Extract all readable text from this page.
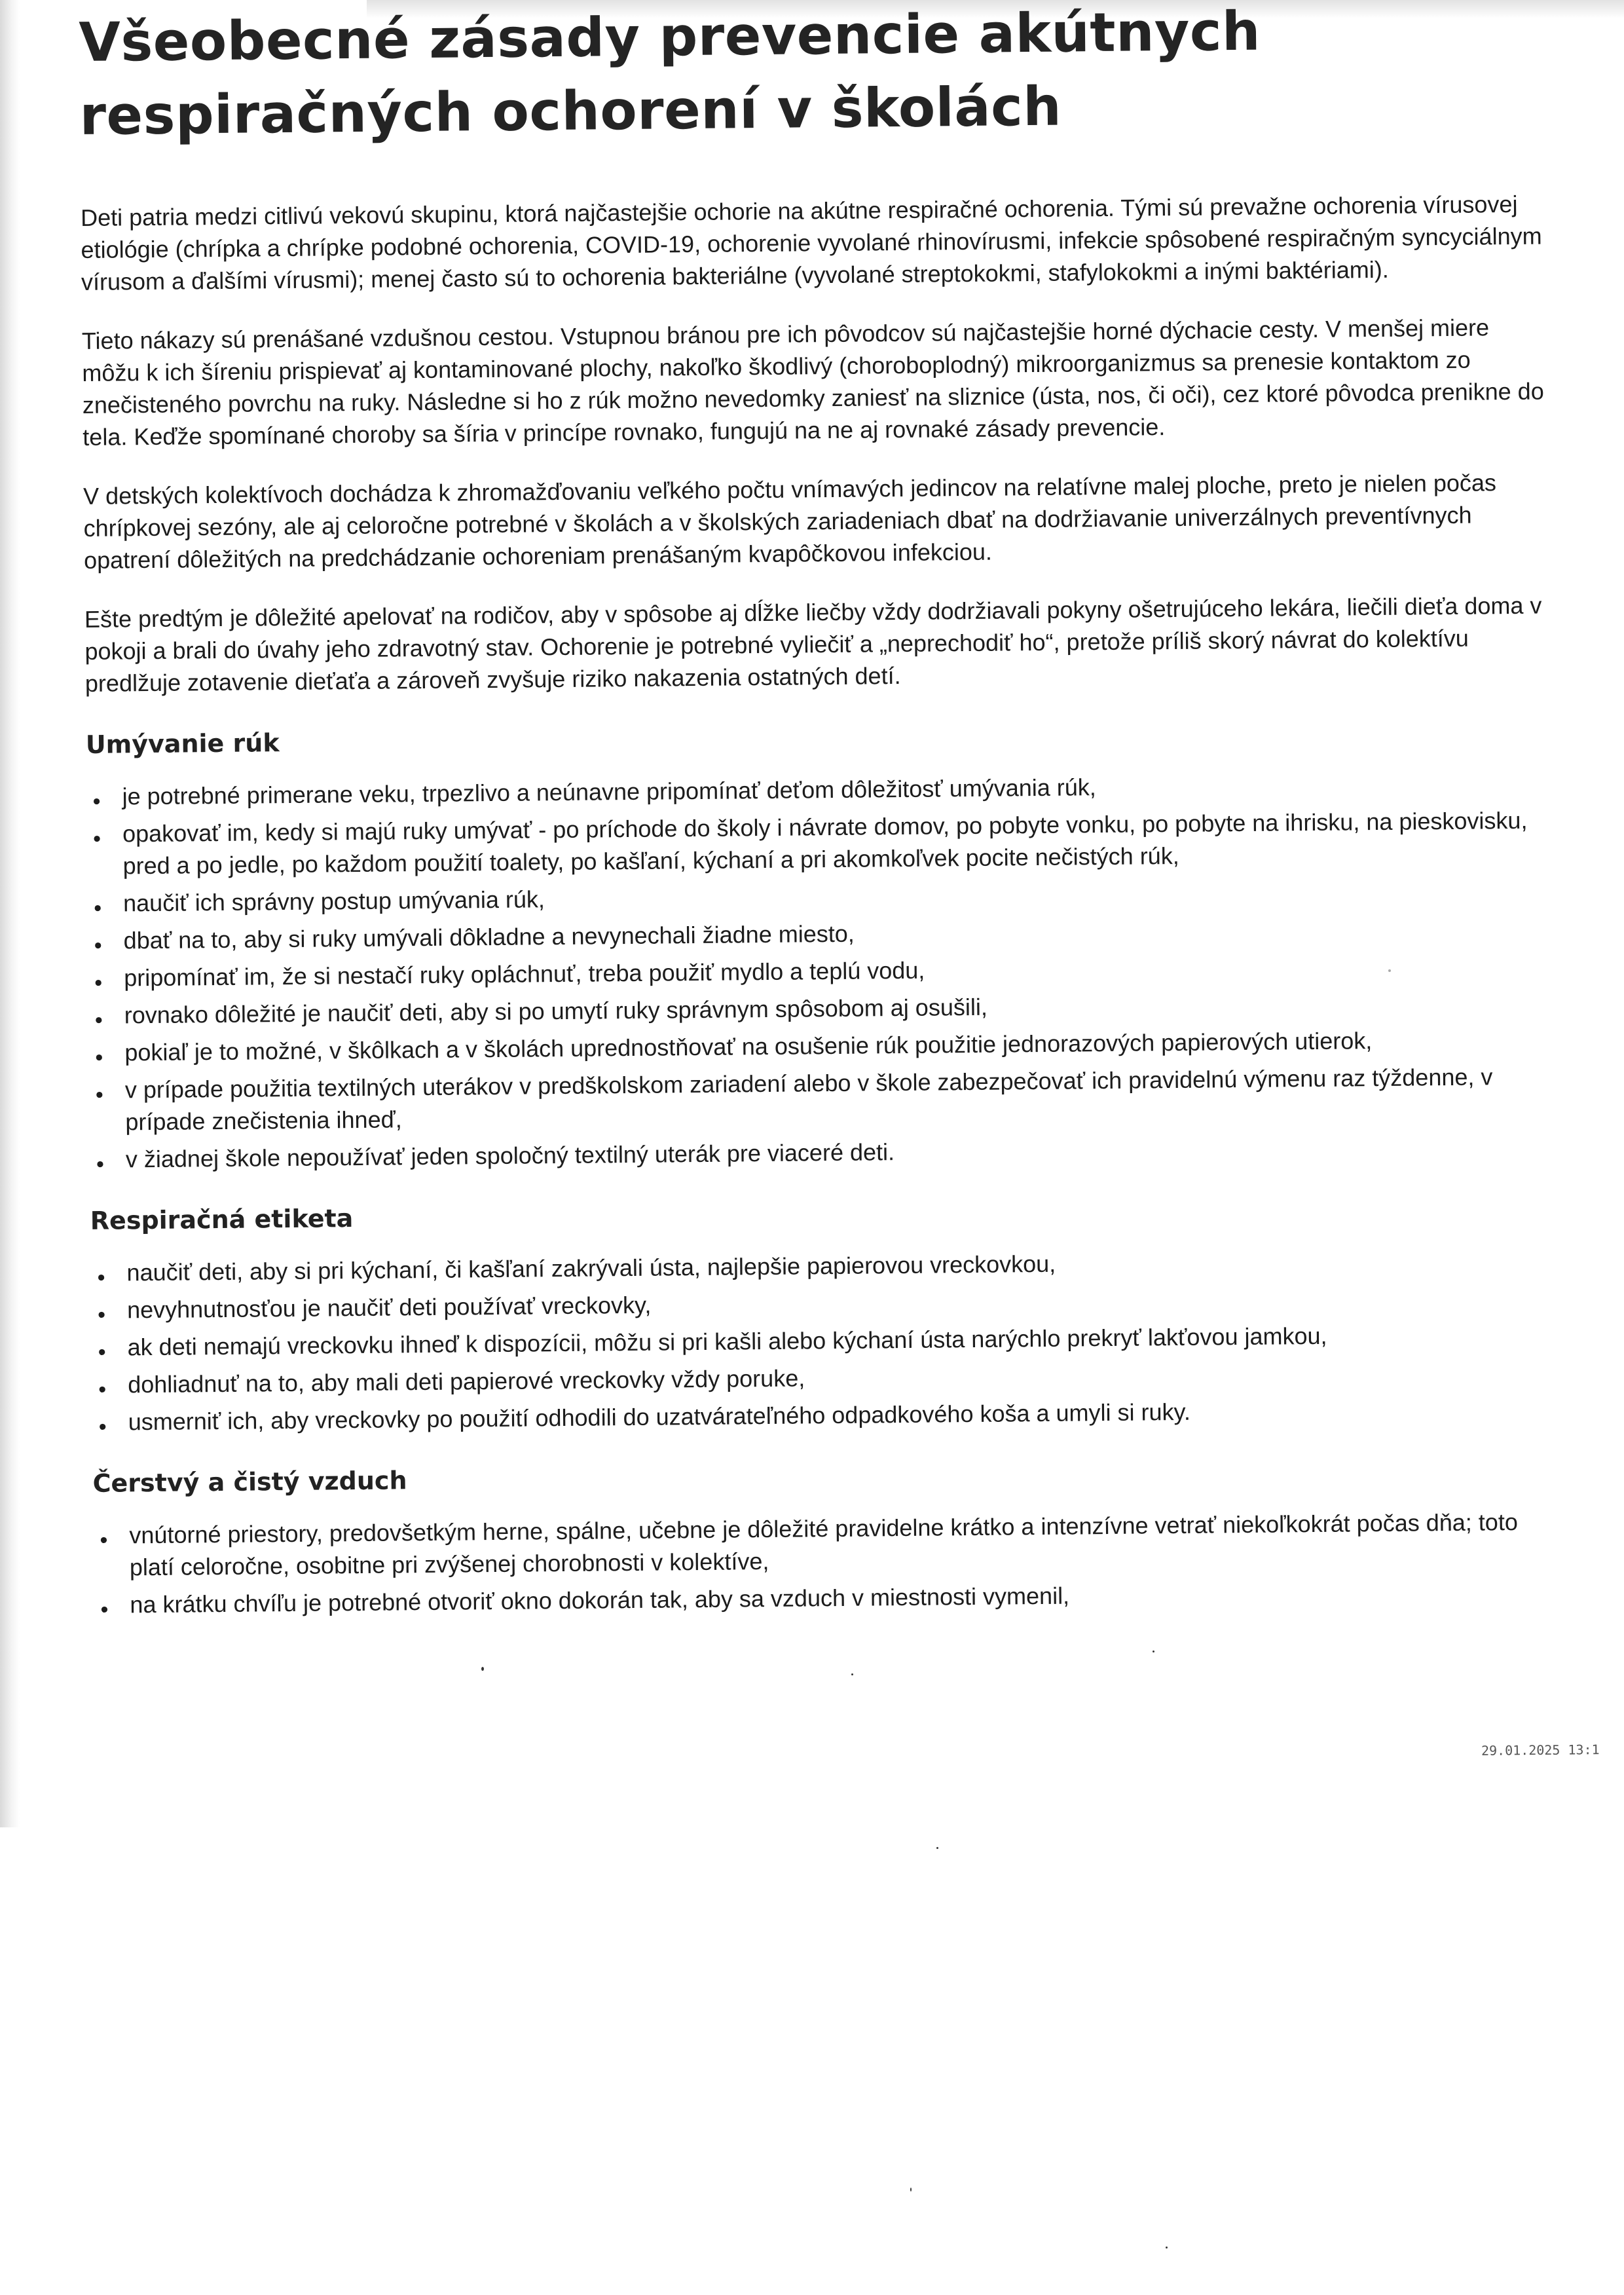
Všeobecné zásady prevencie akútnych
respiračných ochorení v školách

Deti patria medzi citlivú vekovú skupinu, ktorá najčastejšie ochorie na akútne respiračné ochorenia. Tými sú prevažne ochorenia vírusovej etiológie (chrípka a chrípke podobné ochorenia, COVID-19, ochorenie vyvolané rhinovírusmi, infekcie spôsobené respiračným syncyciálnym vírusom a ďalšími vírusmi); menej často sú to ochorenia bakteriálne (vyvolané streptokokmi, stafylokokmi a inými baktériami).

Tieto nákazy sú prenášané vzdušnou cestou. Vstupnou bránou pre ich pôvodcov sú najčastejšie horné dýchacie cesty. V menšej miere môžu k ich šíreniu prispievať aj kontaminované plochy, nakoľko škodlivý (choroboplodný) mikroorganizmus sa prenesie kontaktom zo znečisteného povrchu na ruky. Následne si ho z rúk možno nevedomky zaniesť na sliznice (ústa, nos, či oči), cez ktoré pôvodca prenikne do tela. Keďže spomínané choroby sa šíria v princípe rovnako, fungujú na ne aj rovnaké zásady prevencie.

V detských kolektívoch dochádza k zhromažďovaniu veľkého počtu vnímavých jedincov na relatívne malej ploche, preto je nielen počas chrípkovej sezóny, ale aj celoročne potrebné v školách a v školských zariadeniach dbať na dodržiavanie univerzálnych preventívnych opatrení dôležitých na predchádzanie ochoreniam prenášaným kvapôčkovou infekciou.

Ešte predtým je dôležité apelovať na rodičov, aby v spôsobe aj dĺžke liečby vždy dodržiavali pokyny ošetrujúceho lekára, liečili dieťa doma v pokoji a brali do úvahy jeho zdravotný stav. Ochorenie je potrebné vyliečiť a „neprechodiť ho“, pretože príliš skorý návrat do kolektívu predlžuje zotavenie dieťaťa a zároveň zvyšuje riziko nakazenia ostatných detí.

Umývanie rúk
• je potrebné primerane veku, trpezlivo a neúnavne pripomínať deťom dôležitosť umývania rúk,
• opakovať im, kedy si majú ruky umývať - po príchode do školy i návrate domov, po pobyte vonku, po pobyte na ihrisku, na pieskovisku, pred a po jedle, po každom použití toalety, po kašľaní, kýchaní a pri akomkoľvek pocite nečistých rúk,
• naučiť ich správny postup umývania rúk,
• dbať na to, aby si ruky umývali dôkladne a nevynechali žiadne miesto,
• pripomínať im, že si nestačí ruky opláchnuť, treba použiť mydlo a teplú vodu,
• rovnako dôležité je naučiť deti, aby si po umytí ruky správnym spôsobom aj osušili,
• pokiaľ je to možné, v škôlkach a v školách uprednostňovať na osušenie rúk použitie jednorazových papierových utierok,
• v prípade použitia textilných uterákov v predškolskom zariadení alebo v škole zabezpečovať ich pravidelnú výmenu raz týždenne, v prípade znečistenia ihneď,
• v žiadnej škole nepoužívať jeden spoločný textilný uterák pre viaceré deti.
Respiračná etiketa
• naučiť deti, aby si pri kýchaní, či kašľaní zakrývali ústa, najlepšie papierovou vreckovkou,
• nevyhnutnosťou je naučiť deti používať vreckovky,
• ak deti nemajú vreckovku ihneď k dispozícii, môžu si pri kašli alebo kýchaní ústa narýchlo prekryť lakťovou jamkou,
• dohliadnuť na to, aby mali deti papierové vreckovky vždy poruke,
• usmerniť ich, aby vreckovky po použití odhodili do uzatvárateľného odpadkového koša a umyli si ruky.
Čerstvý a čistý vzduch
• vnútorné priestory, predovšetkým herne, spálne, učebne je dôležité pravidelne krátko a intenzívne vetrať niekoľkokrát počas dňa; toto platí celoročne, osobitne pri zvýšenej chorobnosti v kolektíve,
• na krátku chvíľu je potrebné otvoriť okno dokorán tak, aby sa vzduch v miestnosti vymenil,
29.01.2025 13:1
